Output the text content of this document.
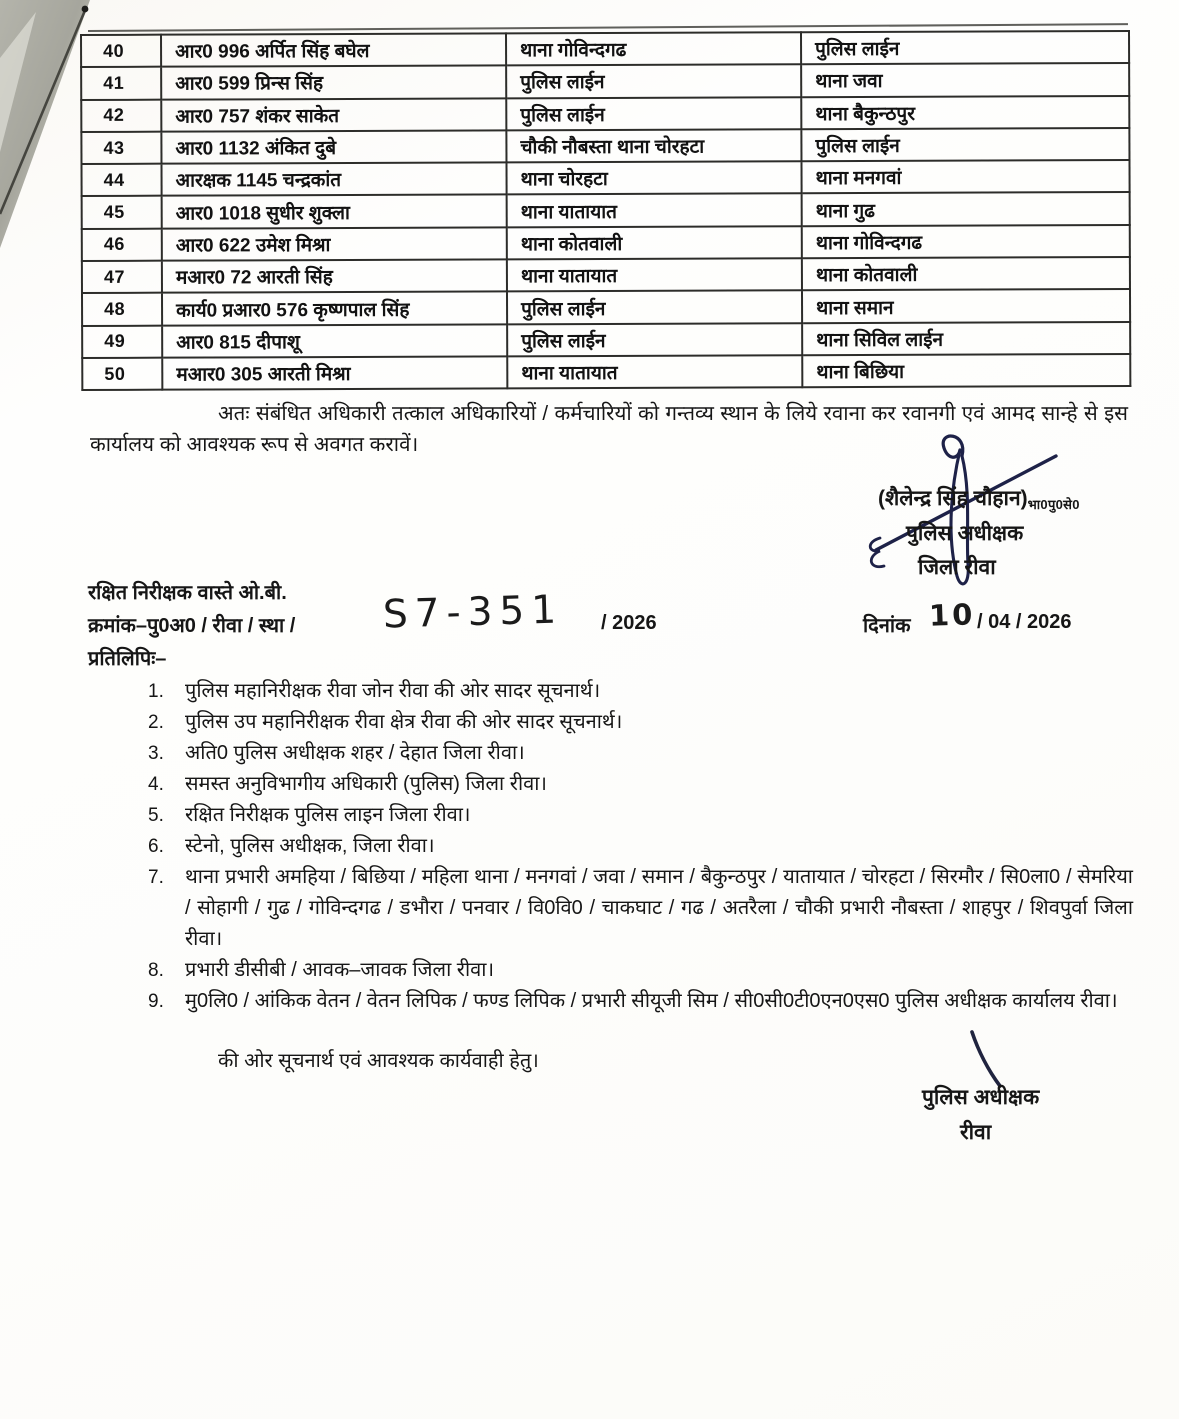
40	आर0 996 अर्पित सिंह बघेल	थाना गोविन्दगढ	पुलिस लाईन
41	आर0 599 प्रिन्स सिंह	पुलिस लाईन	थाना जवा
42	आर0 757 शंकर साकेत	पुलिस लाईन	थाना बैकुन्ठपुर
43	आर0 1132 अंकित दुबे	चौकी नौबस्ता थाना चोरहटा	पुलिस लाईन
44	आरक्षक 1145 चन्द्रकांत	थाना चोरहटा	थाना मनगवां
45	आर0 1018 सुधीर शुक्ला	थाना यातायात	थाना गुढ
46	आर0 622 उमेश मिश्रा	थाना कोतवाली	थाना गोविन्दगढ
47	मआर0 72 आरती सिंह	थाना यातायात	थाना कोतवाली
48	कार्य0 प्रआर0 576 कृष्णपाल सिंह	पुलिस लाईन	थाना समान
49	आर0 815 दीपाशू	पुलिस लाईन	थाना सिविल लाईन
50	मआर0 305 आरती मिश्रा	थाना यातायात	थाना बिछिया

अतः संबंधित अधिकारी तत्काल अधिकारियों / कर्मचारियों को गन्तव्य स्थान के लिये रवाना कर रवानगी एवं आमद सान्हे से इस कार्यालय को आवश्यक रूप से अवगत करावें।

(शैलेन्द्र सिंह चौहान)भा0पु0से0
पुलिस अधीक्षक
जिला रीवा
रक्षित निरीक्षक वास्ते ओ.बी.
क्रमांक–पु0अ0 / रीवा / स्था / S7-351 / 2026	दिनांक 10 / 04 / 2026
प्रतिलिपिः–
1.	पुलिस महानिरीक्षक रीवा जोन रीवा की ओर सादर सूचनार्थ।
2.	पुलिस उप महानिरीक्षक रीवा क्षेत्र रीवा की ओर सादर सूचनार्थ।
3.	अति0 पुलिस अधीक्षक शहर / देहात जिला रीवा।
4.	समस्त अनुविभागीय अधिकारी (पुलिस) जिला रीवा।
5.	रक्षित निरीक्षक पुलिस लाइन जिला रीवा।
6.	स्टेनो, पुलिस अधीक्षक, जिला रीवा।
7.	थाना प्रभारी अमहिया / बिछिया / महिला थाना / मनगवां / जवा / समान / बैकुन्ठपुर / यातायात / चोरहटा / सिरमौर / सि0ला0 / सेमरिया / सोहागी / गुढ / गोविन्दगढ / डभौरा / पनवार / वि0वि0 / चाकघाट / गढ / अतरैला / चौकी प्रभारी नौबस्ता / शाहपुर / शिवपुर्वा जिला रीवा।
8.	प्रभारी डीसीबी / आवक–जावक जिला रीवा।
9.	मु0लि0 / आंकिक वेतन / वेतन लिपिक / फण्ड लिपिक / प्रभारी सीयूजी सिम / सी0सी0टी0एन0एस0 पुलिस अधीक्षक कार्यालय रीवा।
की ओर सूचनार्थ एवं आवश्यक कार्यवाही हेतु।
पुलिस अधीक्षक
रीवा
